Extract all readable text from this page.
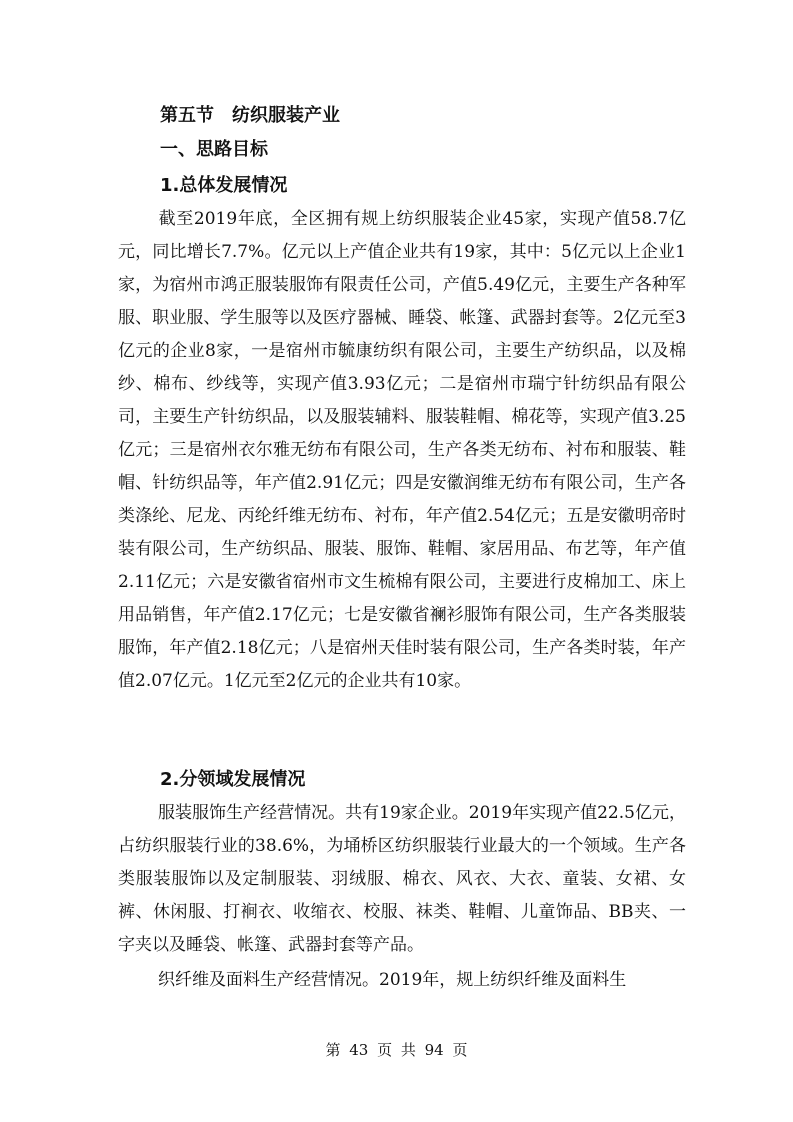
第五节 纺织服装产业
一、思路目标
1.总体发展情况

截至2019年底，全区拥有规上纺织服装企业45家，实现产值58.7亿元，同比增长7.7%。亿元以上产值企业共有19家，其中：5亿元以上企业1家，为宿州市鸿正服装服饰有限责任公司，产值5.49亿元，主要生产各种军服、职业服、学生服等以及医疗器械、睡袋、帐篷、武器封套等。2亿元至3亿元的企业8家，一是宿州市毓康纺织有限公司，主要生产纺织品，以及棉纱、棉布、纱线等，实现产值3.93亿元；二是宿州市瑞宁针纺织品有限公司，主要生产针纺织品，以及服装辅料、服装鞋帽、棉花等，实现产值3.25亿元；三是宿州衣尔雅无纺布有限公司，生产各类无纺布、衬布和服装、鞋帽、针纺织品等，年产值2.91亿元；四是安徽润维无纺布有限公司，生产各类涤纶、尼龙、丙纶纤维无纺布、衬布，年产值2.54亿元；五是安徽明帝时装有限公司，生产纺织品、服装、服饰、鞋帽、家居用品、布艺等，年产值2.11亿元；六是安徽省宿州市文生梳棉有限公司，主要进行皮棉加工、床上用品销售，年产值2.17亿元；七是安徽省襕衫服饰有限公司，生产各类服装服饰，年产值2.18亿元；八是宿州天佳时装有限公司，生产各类时装，年产值2.07亿元。1亿元至2亿元的企业共有10家。

2.分领域发展情况

服装服饰生产经营情况。共有19家企业。2019年实现产值22.5亿元，占纺织服装行业的38.6%，为埇桥区纺织服装行业最大的一个领域。生产各类服装服饰以及定制服装、羽绒服、棉衣、风衣、大衣、童装、女裙、女裤、休闲服、打裥衣、收缩衣、校服、袜类、鞋帽、儿童饰品、BB夹、一字夹以及睡袋、帐篷、武器封套等产品。

织纤维及面料生产经营情况。2019年，规上纺织纤维及面料生

第 43 页 共 94 页
